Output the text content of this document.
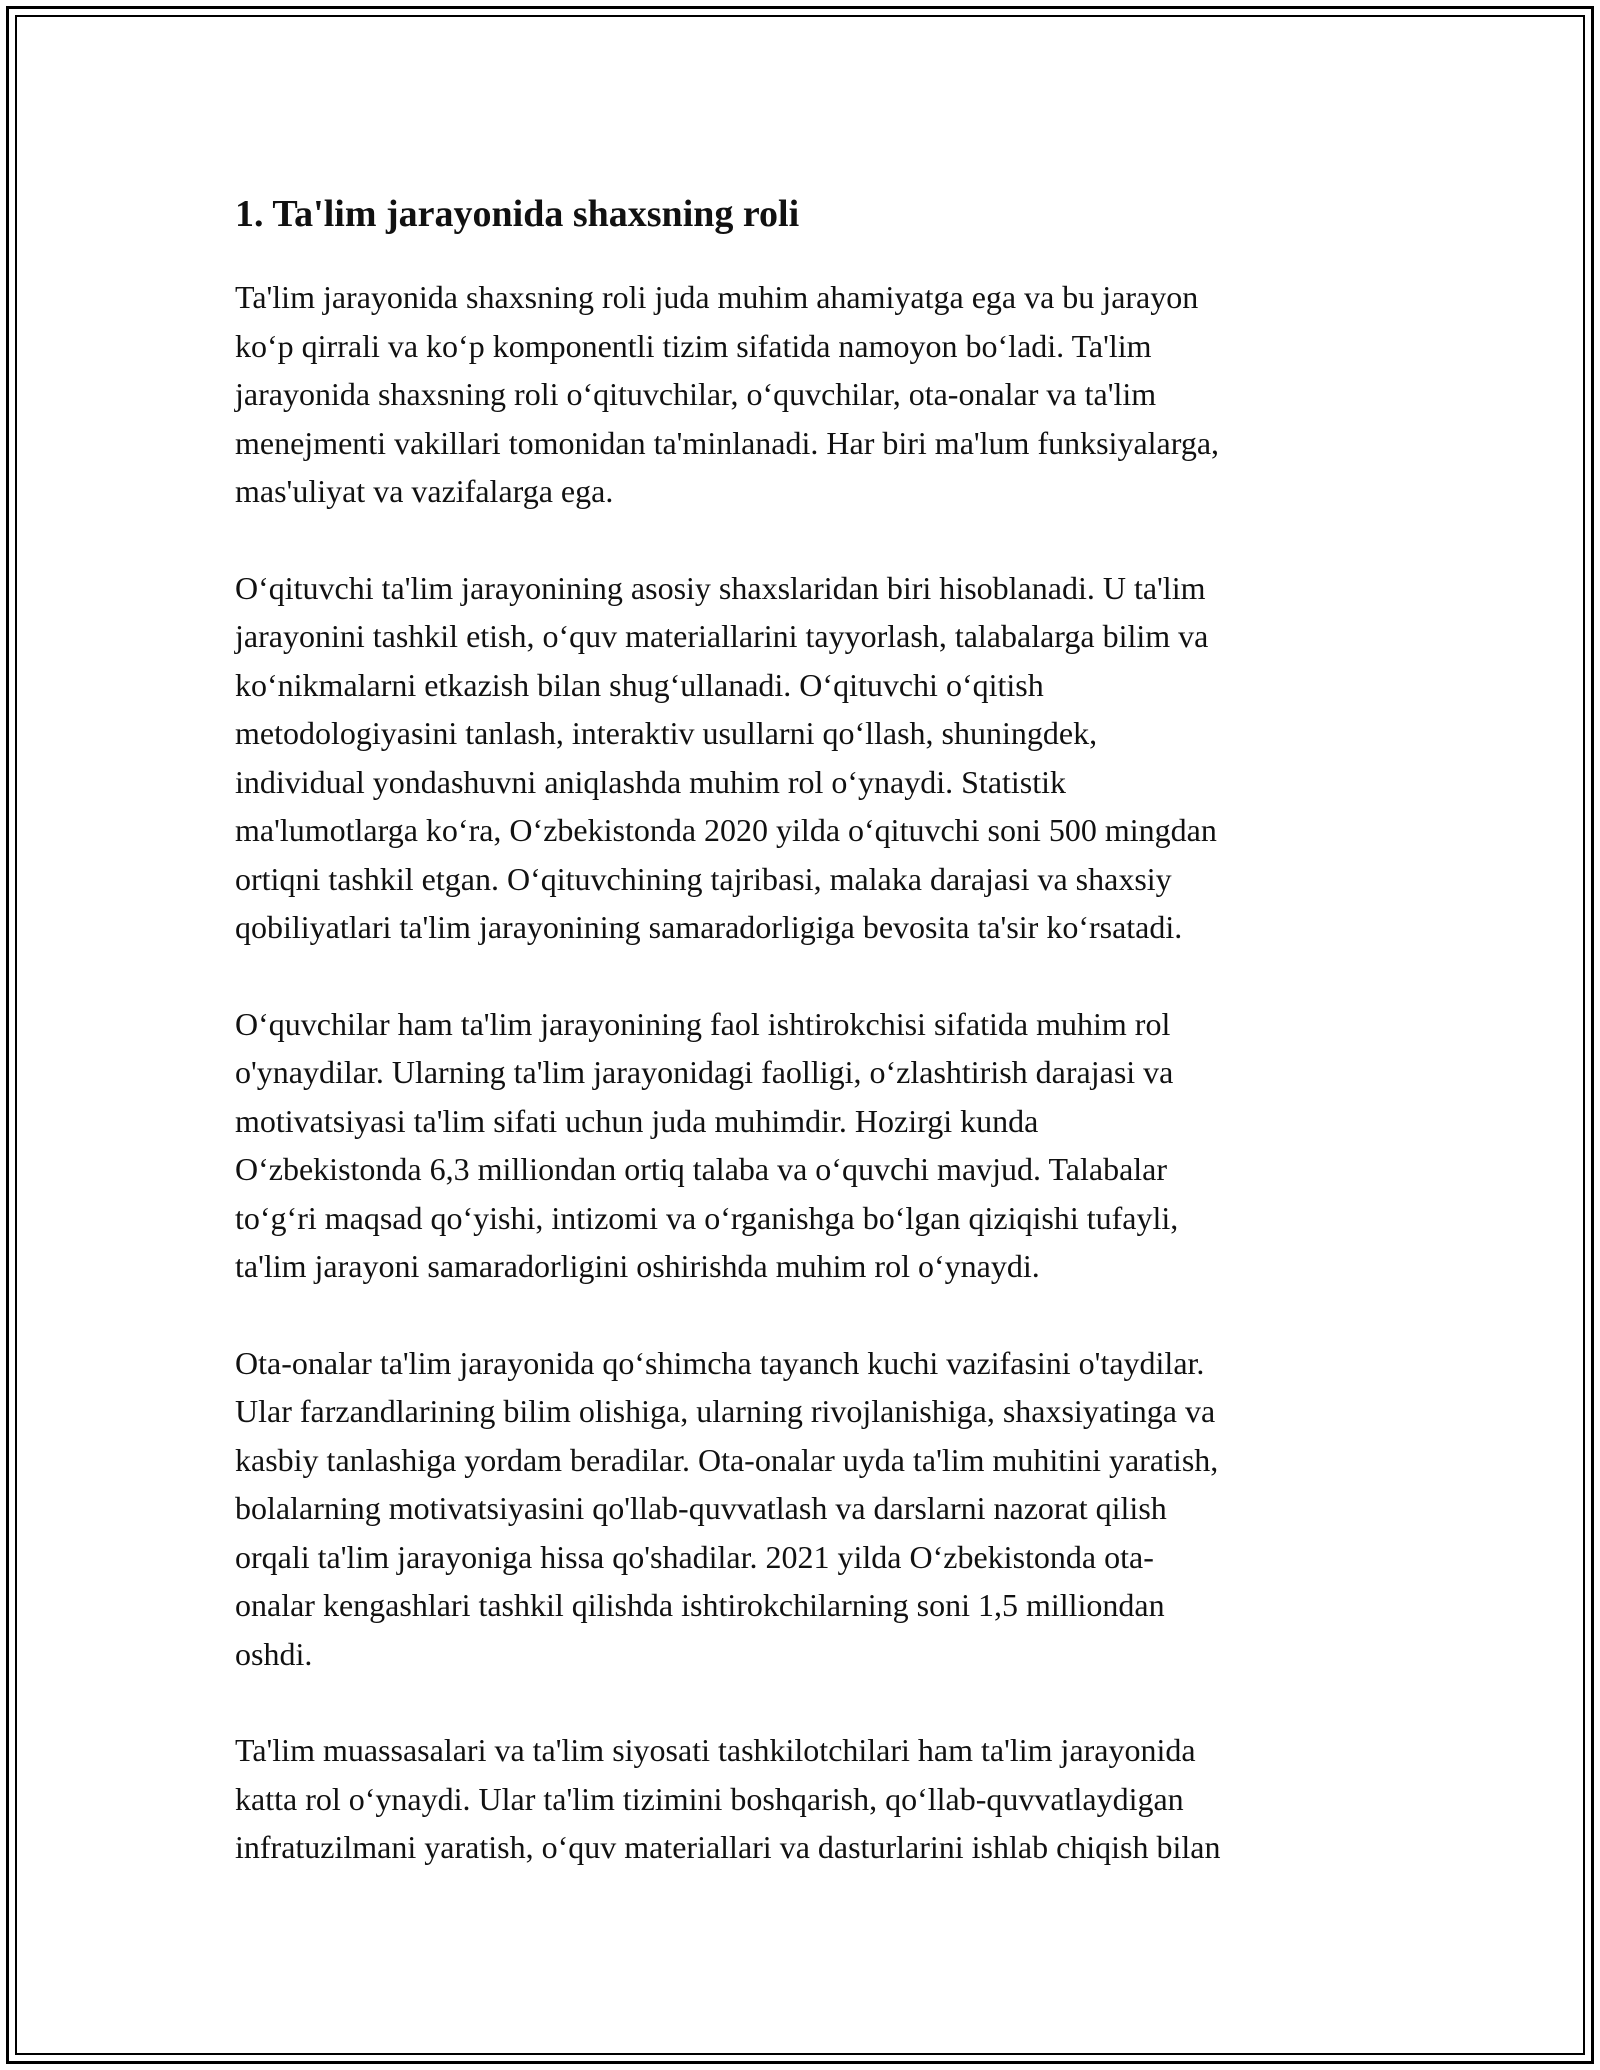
1. Ta'lim jarayonida shaxsning roli

Ta'lim jarayonida shaxsning roli juda muhim ahamiyatga ega va bu jarayon
ko‘p qirrali va ko‘p komponentli tizim sifatida namoyon bo‘ladi. Ta'lim
jarayonida shaxsning roli o‘qituvchilar, o‘quvchilar, ota-onalar va ta'lim
menejmenti vakillari tomonidan ta'minlanadi. Har biri ma'lum funksiyalarga,
mas'uliyat va vazifalarga ega.

O‘qituvchi ta'lim jarayonining asosiy shaxslaridan biri hisoblanadi. U ta'lim
jarayonini tashkil etish, o‘quv materiallarini tayyorlash, talabalarga bilim va
ko‘nikmalarni etkazish bilan shug‘ullanadi. O‘qituvchi o‘qitish
metodologiyasini tanlash, interaktiv usullarni qo‘llash, shuningdek,
individual yondashuvni aniqlashda muhim rol o‘ynaydi. Statistik
ma'lumotlarga ko‘ra, O‘zbekistonda 2020 yilda o‘qituvchi soni 500 mingdan
ortiqni tashkil etgan. O‘qituvchining tajribasi, malaka darajasi va shaxsiy
qobiliyatlari ta'lim jarayonining samaradorligiga bevosita ta'sir ko‘rsatadi.

O‘quvchilar ham ta'lim jarayonining faol ishtirokchisi sifatida muhim rol
o'ynaydilar. Ularning ta'lim jarayonidagi faolligi, o‘zlashtirish darajasi va
motivatsiyasi ta'lim sifati uchun juda muhimdir. Hozirgi kunda
O‘zbekistonda 6,3 milliondan ortiq talaba va o‘quvchi mavjud. Talabalar
to‘g‘ri maqsad qo‘yishi, intizomi va o‘rganishga bo‘lgan qiziqishi tufayli,
ta'lim jarayoni samaradorligini oshirishda muhim rol o‘ynaydi.

Ota-onalar ta'lim jarayonida qo‘shimcha tayanch kuchi vazifasini o'taydilar.
Ular farzandlarining bilim olishiga, ularning rivojlanishiga, shaxsiyatinga va
kasbiy tanlashiga yordam beradilar. Ota-onalar uyda ta'lim muhitini yaratish,
bolalarning motivatsiyasini qo'llab-quvvatlash va darslarni nazorat qilish
orqali ta'lim jarayoniga hissa qo'shadilar. 2021 yilda O‘zbekistonda ota-
onalar kengashlari tashkil qilishda ishtirokchilarning soni 1,5 milliondan
oshdi.

Ta'lim muassasalari va ta'lim siyosati tashkilotchilari ham ta'lim jarayonida
katta rol o‘ynaydi. Ular ta'lim tizimini boshqarish, qo‘llab-quvvatlaydigan
infratuzilmani yaratish, o‘quv materiallari va dasturlarini ishlab chiqish bilan
